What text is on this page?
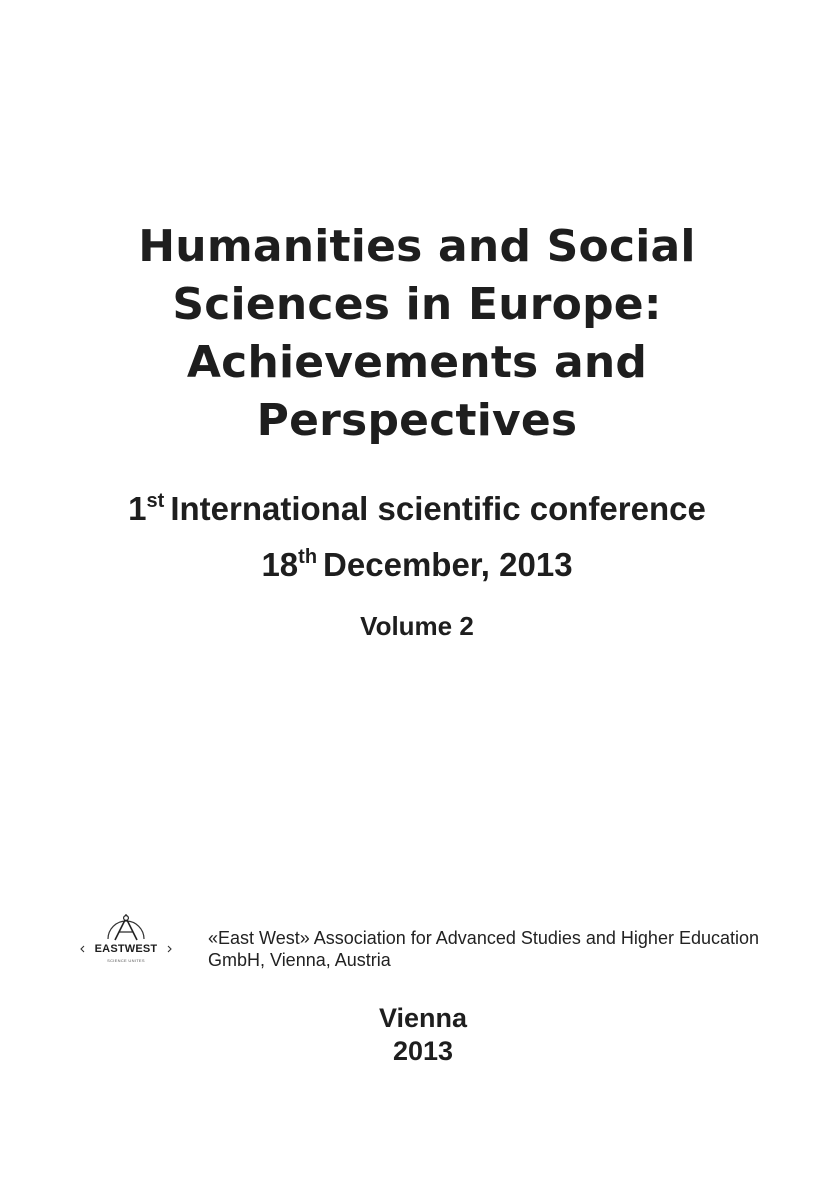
Humanities and Social
Sciences in Europe:
Achievements and
Perspectives

1st International scientific conference

18th December, 2013

Volume 2

EASTWEST
SCIENCE UNITES
«East West» Association for Advanced Studies and Higher Education
GmbH, Vienna, Austria
Vienna
2013
